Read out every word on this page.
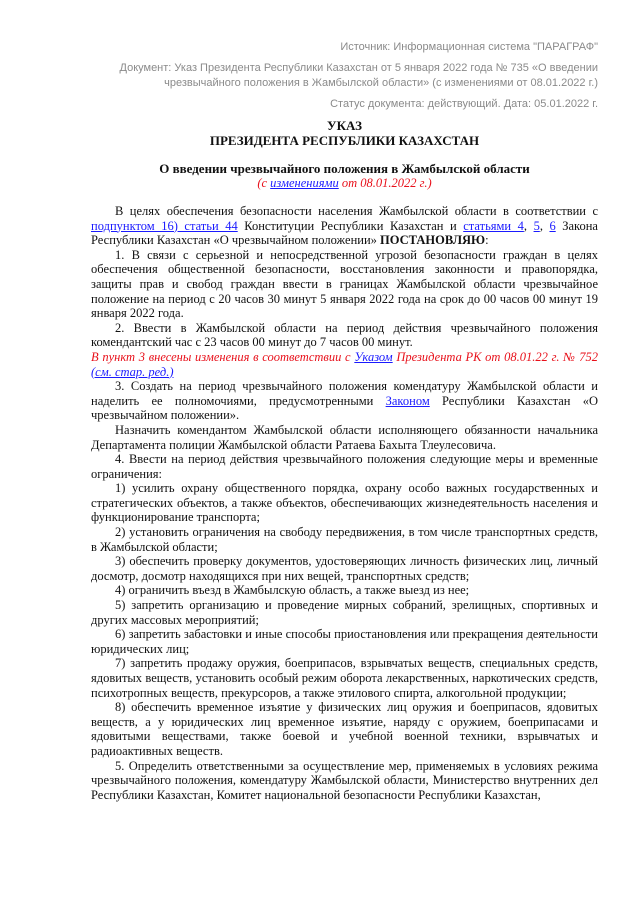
Источник: Информационная система "ПАРАГРАФ"
Документ: Указ Президента Республики Казахстан от 5 января 2022 года № 735 «О введении чрезвычайного положения в Жамбылской области» (с изменениями от 08.01.2022 г.)
Статус документа: действующий. Дата: 05.01.2022 г.

УКАЗ

ПРЕЗИДЕНТА РЕСПУБЛИКИ КАЗАХСТАН

О введении чрезвычайного положения в Жамбылской области

(с изменениями от 08.01.2022 г.)

В целях обеспечения безопасности населения Жамбылской области в соответствии с подпунктом 16) статьи 44 Конституции Республики Казахстан и статьями 4, 5, 6 Закона Республики Казахстан «О чрезвычайном положении» ПОСТАНОВЛЯЮ:

1. В связи с серьезной и непосредственной угрозой безопасности граждан в целях обеспечения общественной безопасности, восстановления законности и правопорядка, защиты прав и свобод граждан ввести в границах Жамбылской области чрезвычайное положение на период с 20 часов 30 минут 5 января 2022 года на срок до 00 часов 00 минут 19 января 2022 года.

2. Ввести в Жамбылской области на период действия чрезвычайного положения комендантский час с 23 часов 00 минут до 7 часов 00 минут.

В пункт 3 внесены изменения в соответствии с Указом Президента РК от 08.01.22 г. № 752 (см. стар. ред.)

3. Создать на период чрезвычайного положения комендатуру Жамбылской области и наделить ее полномочиями, предусмотренными Законом Республики Казахстан «О чрезвычайном положении».

Назначить комендантом Жамбылской области исполняющего обязанности начальника Департамента полиции Жамбылской области Ратаева Бахыта Тлеулесовича.

4. Ввести на период действия чрезвычайного положения следующие меры и временные ограничения:

1) усилить охрану общественного порядка, охрану особо важных государственных и стратегических объектов, а также объектов, обеспечивающих жизнедеятельность населения и функционирование транспорта;

2) установить ограничения на свободу передвижения, в том числе транспортных средств, в Жамбылской области;

3) обеспечить проверку документов, удостоверяющих личность физических лиц, личный досмотр, досмотр находящихся при них вещей, транспортных средств;

4) ограничить въезд в Жамбылскую область, а также выезд из нее;

5) запретить организацию и проведение мирных собраний, зрелищных, спортивных и других массовых мероприятий;

6) запретить забастовки и иные способы приостановления или прекращения деятельности юридических лиц;

7) запретить продажу оружия, боеприпасов, взрывчатых веществ, специальных средств, ядовитых веществ, установить особый режим оборота лекарственных, наркотических средств, психотропных веществ, прекурсоров, а также этилового спирта, алкогольной продукции;

8) обеспечить временное изъятие у физических лиц оружия и боеприпасов, ядовитых веществ, а у юридических лиц временное изъятие, наряду с оружием, боеприпасами и ядовитыми веществами, также боевой и учебной военной техники, взрывчатых и радиоактивных веществ.

5. Определить ответственными за осуществление мер, применяемых в условиях режима чрезвычайного положения, комендатуру Жамбылской области, Министерство внутренних дел Республики Казахстан, Комитет национальной безопасности Республики Казахстан,
